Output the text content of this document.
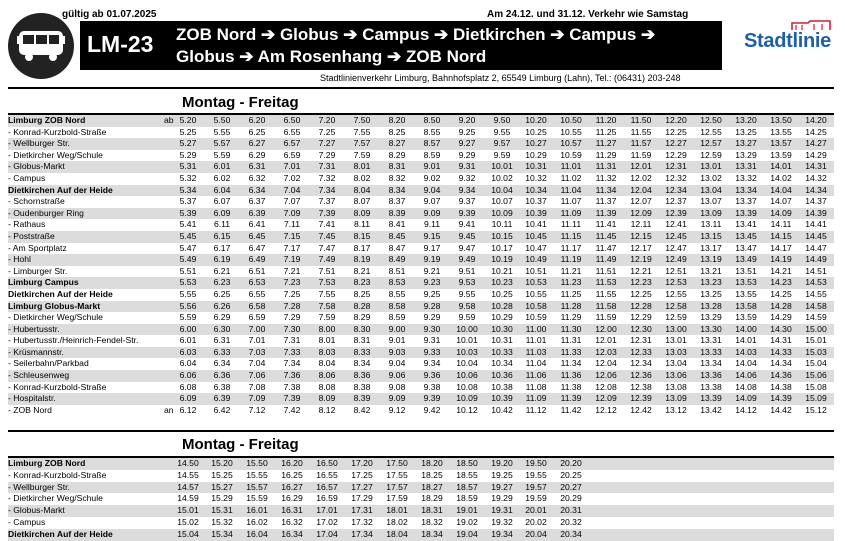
gültig ab 01.07.2025	Am 24.12. und 31.12. Verkehr wie Samstag
LM-23 ZOB Nord ➔ Globus ➔ Campus ➔ Dietkirchen ➔ Campus ➔
Globus ➔ Am Rosenhang ➔ ZOB Nord
Stadtlinie
Stadtlinienverkehr Limburg, Bahnhofsplatz 2, 65549 Limburg (Lahn), Tel.: (06431) 203-248
Montag - Freitag
Limburg ZOB Nord	ab 5.20	5.50	6.20	6.50	7.20	7.50	8.20	8.50	9.20	9.50	10.20	10.50	11.20	11.50	12.20	12.50	13.20	13.50	14.20
- Konrad-Kurzbold-Straße	5.25	5.55	6.25	6.55	7.25	7.55	8.25	8.55	9.25	9.55	10.25	10.55	11.25	11.55	12.25	12.55	13.25	13.55	14.25
- Wellburger Str.	5.27	5.57	6.27	6.57	7.27	7.57	8.27	8.57	9.27	9.57	10.27	10.57	11.27	11.57	12.27	12.57	13.27	13.57	14.27
- Dietkircher Weg/Schule	5.29	5.59	6.29	6.59	7.29	7.59	8.29	8.59	9.29	9.59	10.29	10.59	11.29	11.59	12.29	12.59	13.29	13.59	14.29
- Globus-Markt	5.31	6.01	6.31	7.01	7.31	8.01	8.31	9.01	9.31	10.01	10.31	11.01	11.31	12.01	12.31	13.01	13.31	14.01	14.31
- Campus	5.32	6.02	6.32	7.02	7.32	8.02	8.32	9.02	9.32	10.02	10.32	11.02	11.32	12.02	12.32	13.02	13.32	14.02	14.32
Dietkirchen Auf der Heide	5.34	6.04	6.34	7.04	7.34	8.04	8.34	9.04	9.34	10.04	10.34	11.04	11.34	12.04	12.34	13.04	13.34	14.04	14.34
- Schornstraße	5.37	6.07	6.37	7.07	7.37	8.07	8.37	9.07	9.37	10.07	10.37	11.07	11.37	12.07	12.37	13.07	13.37	14.07	14.37
- Oudenburger Ring	5.39	6.09	6.39	7.09	7.39	8.09	8.39	9.09	9.39	10.09	10.39	11.09	11.39	12.09	12.39	13.09	13.39	14.09	14.39
- Rathaus	5.41	6.11	6.41	7.11	7.41	8.11	8.41	9.11	9.41	10.11	10.41	11.11	11.41	12.11	12.41	13.11	13.41	14.11	14.41
- Poststraße	5.45	6.15	6.45	7.15	7.45	8.15	8.45	9.15	9.45	10.15	10.45	11.15	11.45	12.15	12.45	13.15	13.45	14.15	14.45
- Am Sportplatz	5.47	6.17	6.47	7.17	7.47	8.17	8.47	9.17	9.47	10.17	10.47	11.17	11.47	12.17	12.47	13.17	13.47	14.17	14.47
- Hohl	5.49	6.19	6.49	7.19	7.49	8.19	8.49	9.19	9.49	10.19	10.49	11.19	11.49	12.19	12.49	13.19	13.49	14.19	14.49
- Limburger Str.	5.51	6.21	6.51	7.21	7.51	8.21	8.51	9.21	9.51	10.21	10.51	11.21	11.51	12.21	12.51	13.21	13.51	14.21	14.51
Limburg Campus	5.53	6.23	6.53	7.23	7.53	8.23	8.53	9.23	9.53	10.23	10.53	11.23	11.53	12.23	12.53	13.23	13.53	14.23	14.53
Dietkirchen Auf der Heide	5.55	6.25	6.55	7.25	7.55	8.25	8.55	9.25	9.55	10.25	10.55	11.25	11.55	12.25	12.55	13.25	13.55	14.25	14.55
Limburg Globus-Markt	5.56	6.26	6.58	7.28	7.58	8.28	8.58	9.28	9.58	10.28	10.58	11.28	11.58	12.28	12.58	13.28	13.58	14.28	14.58
- Dietkircher Weg/Schule	5.59	6.29	6.59	7.29	7.59	8.29	8.59	9.29	9.59	10.29	10.59	11.29	11.59	12.29	12.59	13.29	13.59	14.29	14.59
- Hubertusstr.	6.00	6.30	7.00	7.30	8.00	8.30	9.00	9.30	10.00	10.30	11.00	11.30	12.00	12.30	13.00	13.30	14.00	14.30	15.00
- Hubertusstr./Heinrich-Fendel-Str.	6.01	6.31	7.01	7.31	8.01	8.31	9.01	9.31	10.01	10.31	11.01	11.31	12.01	12.31	13.01	13.31	14.01	14.31	15.01
- Krüsmannstr.	6.03	6.33	7.03	7.33	8.03	8.33	9.03	9.33	10.03	10.33	11.03	11.33	12.03	12.33	13.03	13.33	14.03	14.33	15.03
- Seilerbahn/Parkbad	6.04	6.34	7.04	7.34	8.04	8.34	9.04	9.34	10.04	10.34	11.04	11.34	12.04	12.34	13.04	13.34	14.04	14.34	15.04
- Schleusenweg	6.06	6.36	7.06	7.36	8.06	8.36	9.06	9.36	10.06	10.36	11.06	11.36	12.06	12.36	13.06	13.36	14.06	14.36	15.06
- Konrad-Kurzbold-Straße	6.08	6.38	7.08	7.38	8.08	8.38	9.08	9.38	10.08	10.38	11.08	11.38	12.08	12.38	13.08	13.38	14.08	14.38	15.08
- Hospitalstr.	6.09	6.39	7.09	7.39	8.09	8.39	9.09	9.39	10.09	10.39	11.09	11.39	12.09	12.39	13.09	13.39	14.09	14.39	15.09
- ZOB Nord	an 6.12	6.42	7.12	7.42	8.12	8.42	9.12	9.42	10.12	10.42	11.12	11.42	12.12	12.42	13.12	13.42	14.12	14.42	15.12
Montag - Freitag
Limburg ZOB Nord	14.50	15.20	15.50	16.20	16.50	17.20	17.50	18.20	18.50	19.20	19.50	20.20
- Konrad-Kurzbold-Straße	14.55	15.25	15.55	16.25	16.55	17.25	17.55	18.25	18.55	19.25	19.55	20.25
- Wellburger Str.	14.57	15.27	15.57	16.27	16.57	17.27	17.57	18.27	18.57	19.27	19.57	20.27
- Dietkircher Weg/Schule	14.59	15.29	15.59	16.29	16.59	17.29	17.59	18.29	18.59	19.29	19.59	20.29
- Globus-Markt	15.01	15.31	16.01	16.31	17.01	17.31	18.01	18.31	19.01	19.31	20.01	20.31
- Campus	15.02	15.32	16.02	16.32	17.02	17.32	18.02	18.32	19.02	19.32	20.02	20.32
Dietkirchen Auf der Heide	15.04	15.34	16.04	16.34	17.04	17.34	18.04	18.34	19.04	19.34	20.04	20.34
